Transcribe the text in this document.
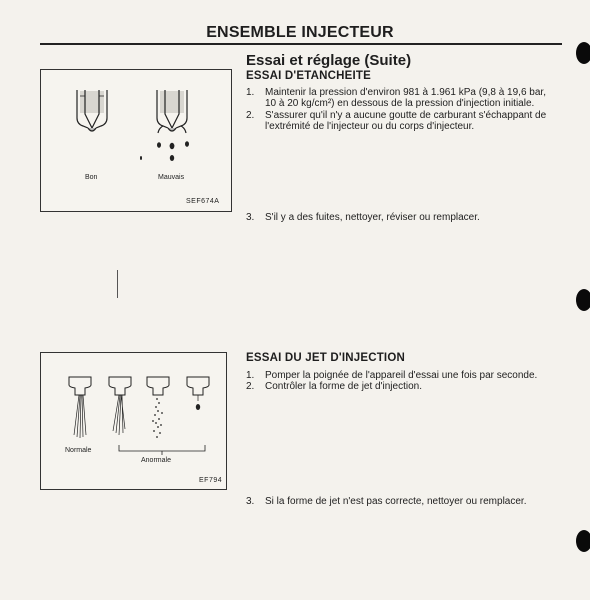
ENSEMBLE INJECTEUR
Essai et réglage (Suite)
ESSAI D'ETANCHEITE
1. Maintenir la pression d'environ 981 à 1.961 kPa (9,8 à 19,6 bar,
10 à 20 kg/cm²) en dessous de la pression d'injection initiale.
2. S'assurer qu'il n'y a aucune goutte de carburant s'échappant de
l'extrémité de l'injecteur ou du corps d'injecteur.
3. S'il y a des fuites, nettoyer, réviser ou remplacer.
Bon	Mauvais
SEF674A
ESSAI DU JET D'INJECTION
1. Pomper la poignée de l'appareil d'essai une fois par seconde.
2. Contrôler la forme de jet d'injection.
3. Si la forme de jet n'est pas correcte, nettoyer ou remplacer.
Normale
Anormale
EF794
